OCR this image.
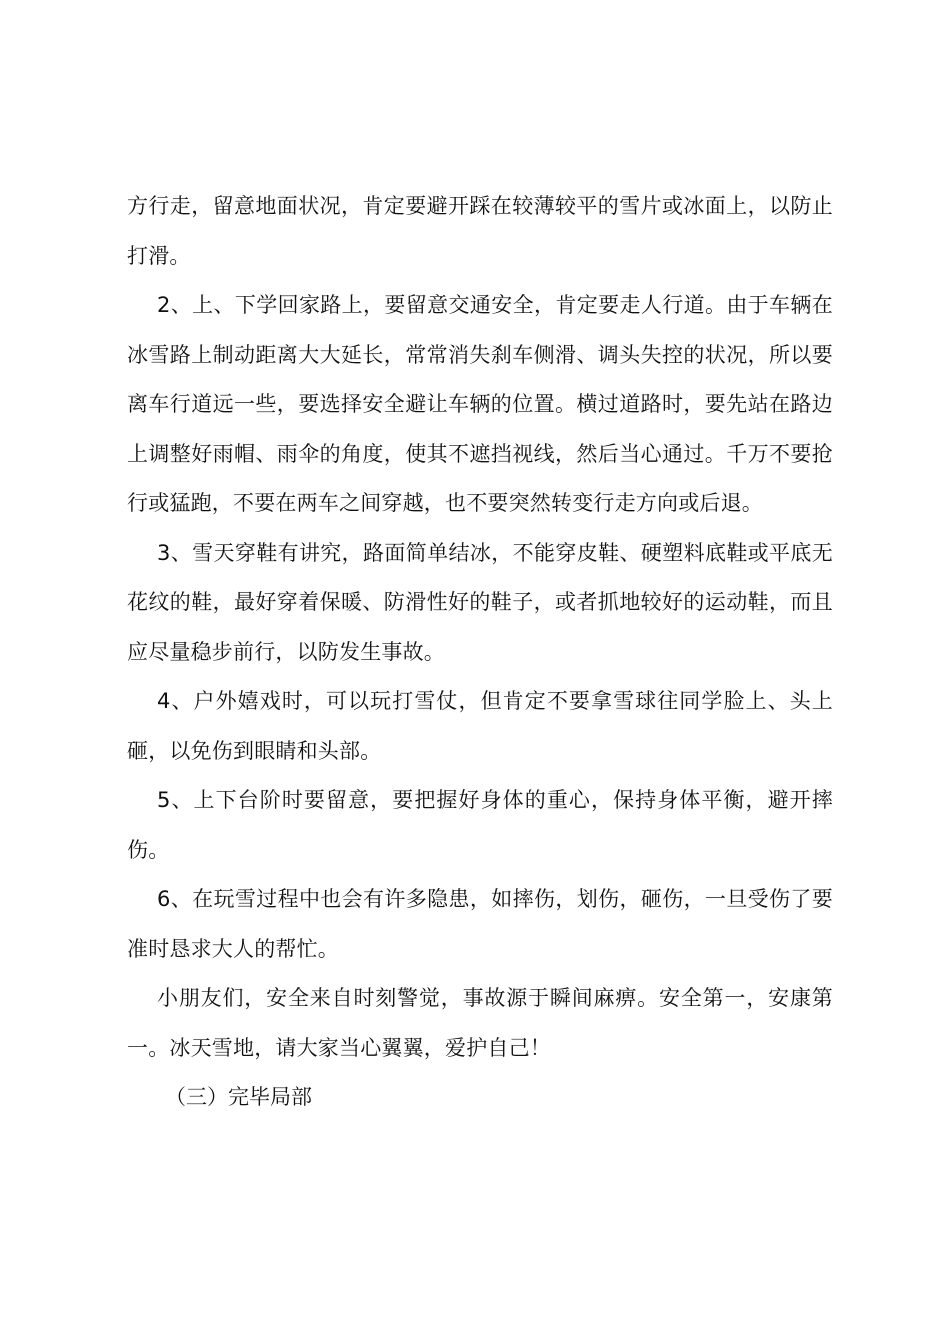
方行走，留意地面状况，肯定要避开踩在较薄较平的雪片或冰面上，以防止打滑。

2、上、下学回家路上，要留意交通安全，肯定要走人行道。由于车辆在冰雪路上制动距离大大延长，常常消失刹车侧滑、调头失控的状况，所以要离车行道远一些，要选择安全避让车辆的位置。横过道路时，要先站在路边上调整好雨帽、雨伞的角度，使其不遮挡视线，然后当心通过。千万不要抢行或猛跑，不要在两车之间穿越，也不要突然转变行走方向或后退。

3、雪天穿鞋有讲究，路面简单结冰，不能穿皮鞋、硬塑料底鞋或平底无花纹的鞋，最好穿着保暖、防滑性好的鞋子，或者抓地较好的运动鞋，而且应尽量稳步前行，以防发生事故。

4、户外嬉戏时，可以玩打雪仗，但肯定不要拿雪球往同学脸上、头上砸，以免伤到眼睛和头部。

5、上下台阶时要留意，要把握好身体的重心，保持身体平衡，避开摔伤。

6、在玩雪过程中也会有许多隐患，如摔伤，划伤，砸伤，一旦受伤了要准时恳求大人的帮忙。

小朋友们，安全来自时刻警觉，事故源于瞬间麻痹。安全第一，安康第一。冰天雪地，请大家当心翼翼，爱护自己！

（三）完毕局部
